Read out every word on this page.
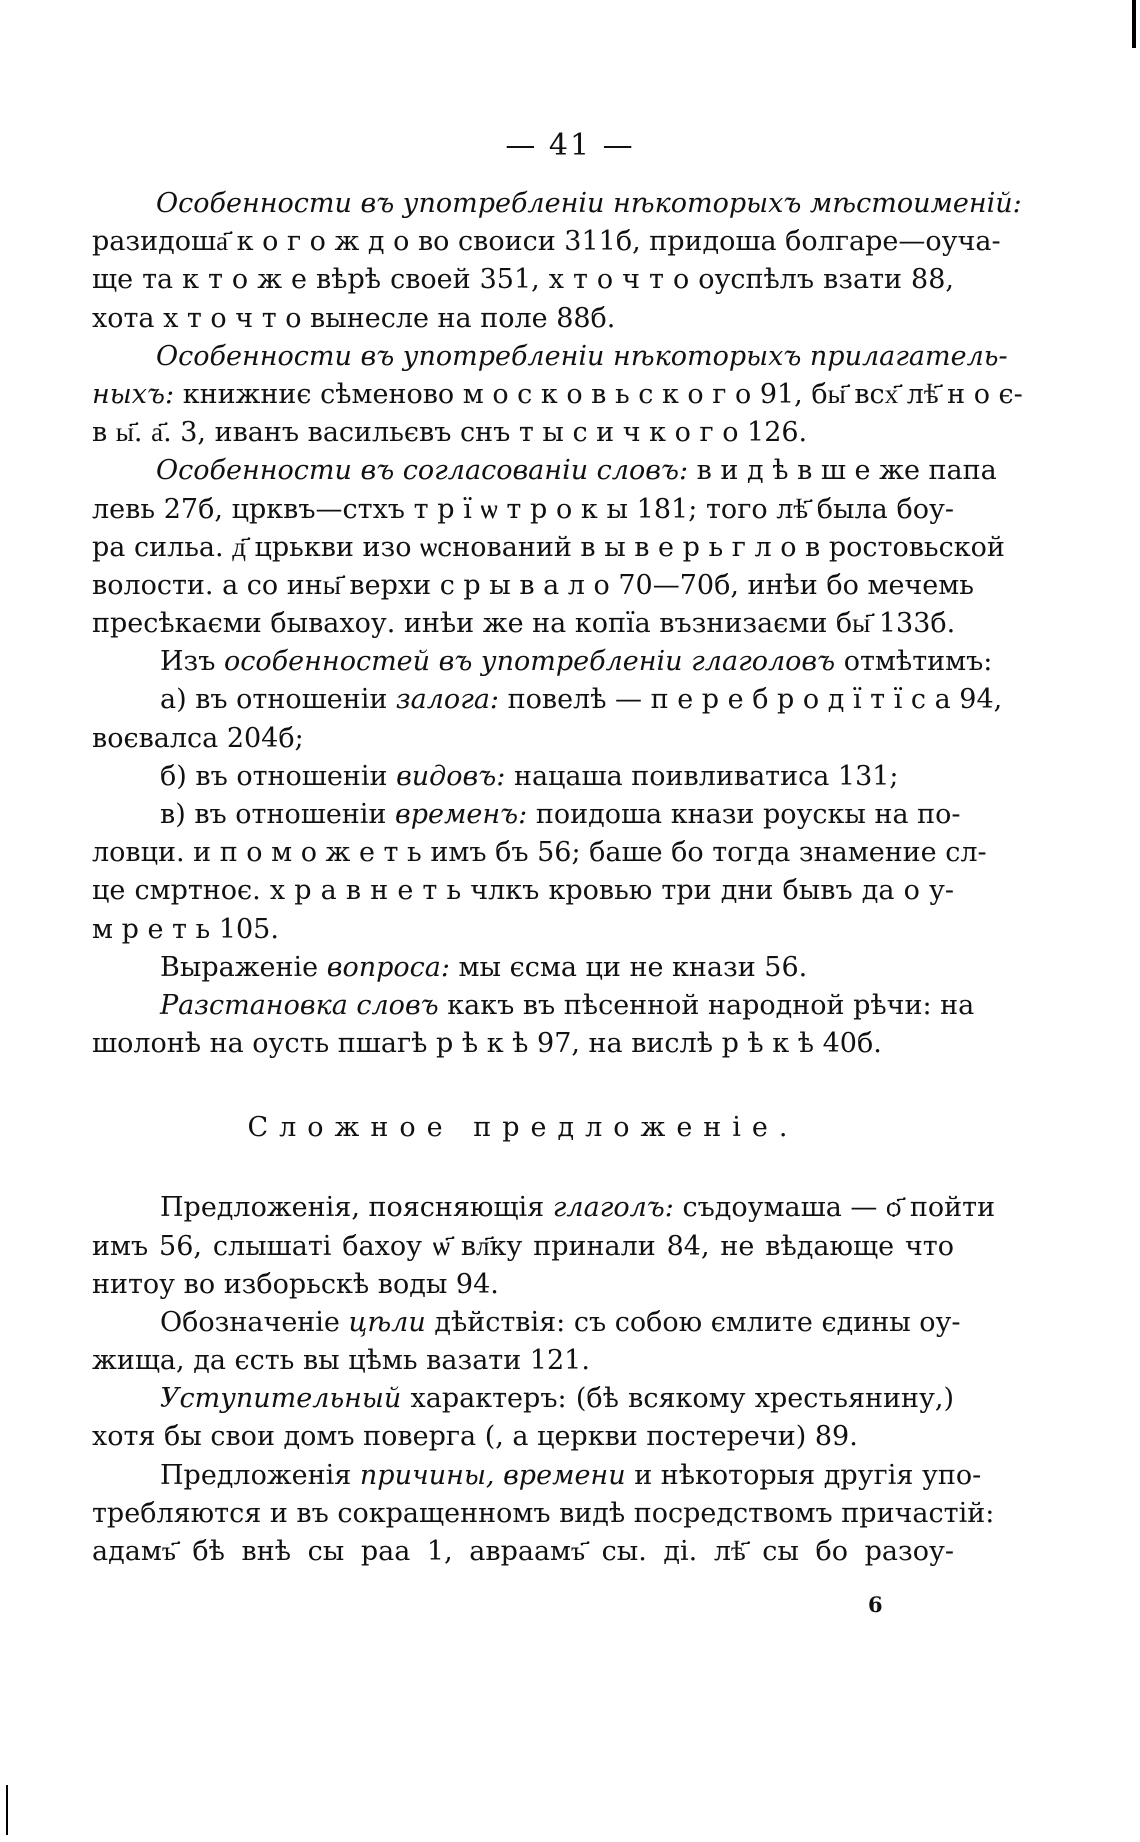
— 41 —
Особенности въ употребленіи нѣкоторыхъ мѣстоименій:
разидоша҃ к о г о ж д о во своиси 311б, придоша болгаре—оуча-
ще та к т о ж е вѣрѣ своей 351, х т о ч т о оуспѣлъ взати 88,
хота х т о ч т о вынесле на поле 88б.
Особенности въ употребленіи нѣкоторыхъ прилагатель-
ныхъ: книжниє сѣменово м о с к о в ь с к о г о 91, бы҃ всх҃ лѣ҃ н о є-
в ы҃. а҃. 3, иванъ васильєвъ снъ т ы с и ч к о г о 126.
Особенности въ согласованіи словъ: в и д ѣ в ш е же папа
левь 27б, црквъ—стхъ т р ї ѡ т р о к ы 181; того лѣ҃ была боу-
ра сильа. д҃ црькви изо ѡснований в ы в е р ь г л о в ростовьской
волости. а со ины҃ верхи с р ы в а л о 70—70б, инѣи бо мечемь
пресѣкаєми бывахоу. инѣи же на копїа възнизаєми бы҃ 133б.
Изъ особенностей въ употребленіи глаголовъ отмѣтимъ:
а) въ отношеніи залога: повелѣ — п е р е б р о д ї т ї с а 94,
воєвалса 204б;
б) въ отношеніи видовъ: нацаша поивливатиса 131;
в) въ отношеніи временъ: поидоша кнази роускы на по-
ловци. и п о м о ж е т ь имъ бъ 56; баше бо тогда знамение сл-
це смртноє. х р а в н е т ь члкъ кровью три дни бывъ да о у-
м р е т ь 105.
Выраженіе вопроса: мы єсма ци не кнази 56.
Разстановка словъ какъ въ пѣсенной народной рѣчи: на
шолонѣ на оусть пшагѣ р ѣ к ѣ 97, на вислѣ р ѣ к ѣ 40б.
Сложное предложеніе.
Предложенія, поясняющія глаголъ: съдоумаша — ѻ҃ пойти
имъ 56, слышаті бахоу ѡ҃ вл҃ку принали 84, не вѣдающе что
нитоу во изборьскѣ воды 94.
Обозначеніе цѣли дѣйствія: съ собою ємлите єдины оу-
жища, да єсть вы цѣмь вазати 121.
Уступительный характеръ: (бѣ всякому хрестьянину,)
хотя бы свои домъ поверга (, а церкви постеречи) 89.
Предложенія причины, времени и нѣкоторыя другія упо-
требляются и въ сокращенномъ видѣ посредствомъ причастій:
адамъ҃ бѣ внѣ сы раа 1, авраамъ҃ сы. ді. лѣ҃ сы бо разоу-
6
